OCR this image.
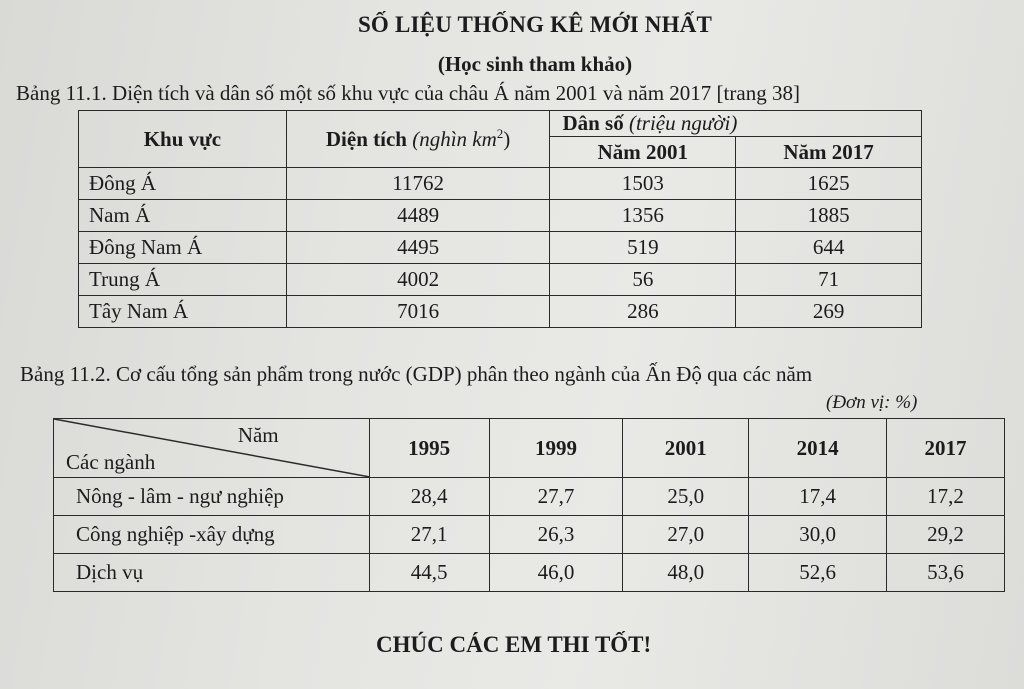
SỐ LIỆU THỐNG KÊ MỚI NHẤT
(Học sinh tham khảo)
Bảng 11.1. Diện tích và dân số một số khu vực của châu Á năm 2001 và năm 2017 [trang 38]
Khu vực	Diện tích (nghìn $km^2$)	Dân số (triệu người)	
		Năm 2001	Năm 2017
Đông Á	11762	1503	1625
Nam Á	4489	1356	1885
Đông Nam Á	4495	519	644
Trung Á	4002	56	71
Tây Nam Á	7016	286	269
Bảng 11.2. Cơ cấu tổng sản phẩm trong nước (GDP) phân theo ngành của Ấn Độ qua các năm
(Đơn vị: %)
Năm
Các ngành	1995	1999	2001	2014	2017
Nông - lâm - ngư nghiệp	28,4	27,7	25,0	17,4	17,2
Công nghiệp -xây dựng	27,1	26,3	27,0	30,0	29,2
Dịch vụ	44,5	46,0	48,0	52,6	53,6
CHÚC CÁC EM THI TỐT!
